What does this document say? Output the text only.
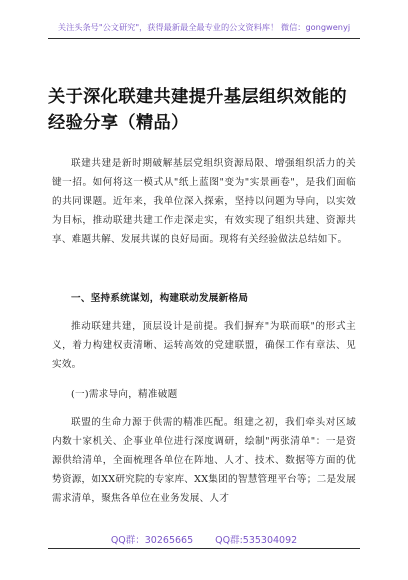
关注头条号"公文研究"，获得最新最全最专业的公文资料库！ 微信：gongwenyj
关于深化联建共建提升基层组织效能的经验分享（精品）

联建共建是新时期破解基层党组织资源局限、增强组织活力的关键一招。如何将这一模式从"纸上蓝图"变为"实景画卷"，是我们面临的共同课题。近年来，我单位深入探索，坚持以问题为导向，以实效为目标，推动联建共建工作走深走实，有效实现了组织共建、资源共享、难题共解、发展共谋的良好局面。现将有关经验做法总结如下。

一、坚持系统谋划，构建联动发展新格局

推动联建共建，顶层设计是前提。我们摒弃"为联而联"的形式主义，着力构建权责清晰、运转高效的党建联盟，确保工作有章法、见实效。

(一)需求导向，精准破题

联盟的生命力源于供需的精准匹配。组建之初，我们牵头对区域内数十家机关、企事业单位进行深度调研，绘制"两张清单"：一是资源供给清单，全面梳理各单位在阵地、人才、技术、数据等方面的优势资源，如XX研究院的专家库、XX集团的智慧管理平台等；二是发展需求清单，聚焦各单位在业务发展、人才

QQ群：30265665 QQ群:535304092
